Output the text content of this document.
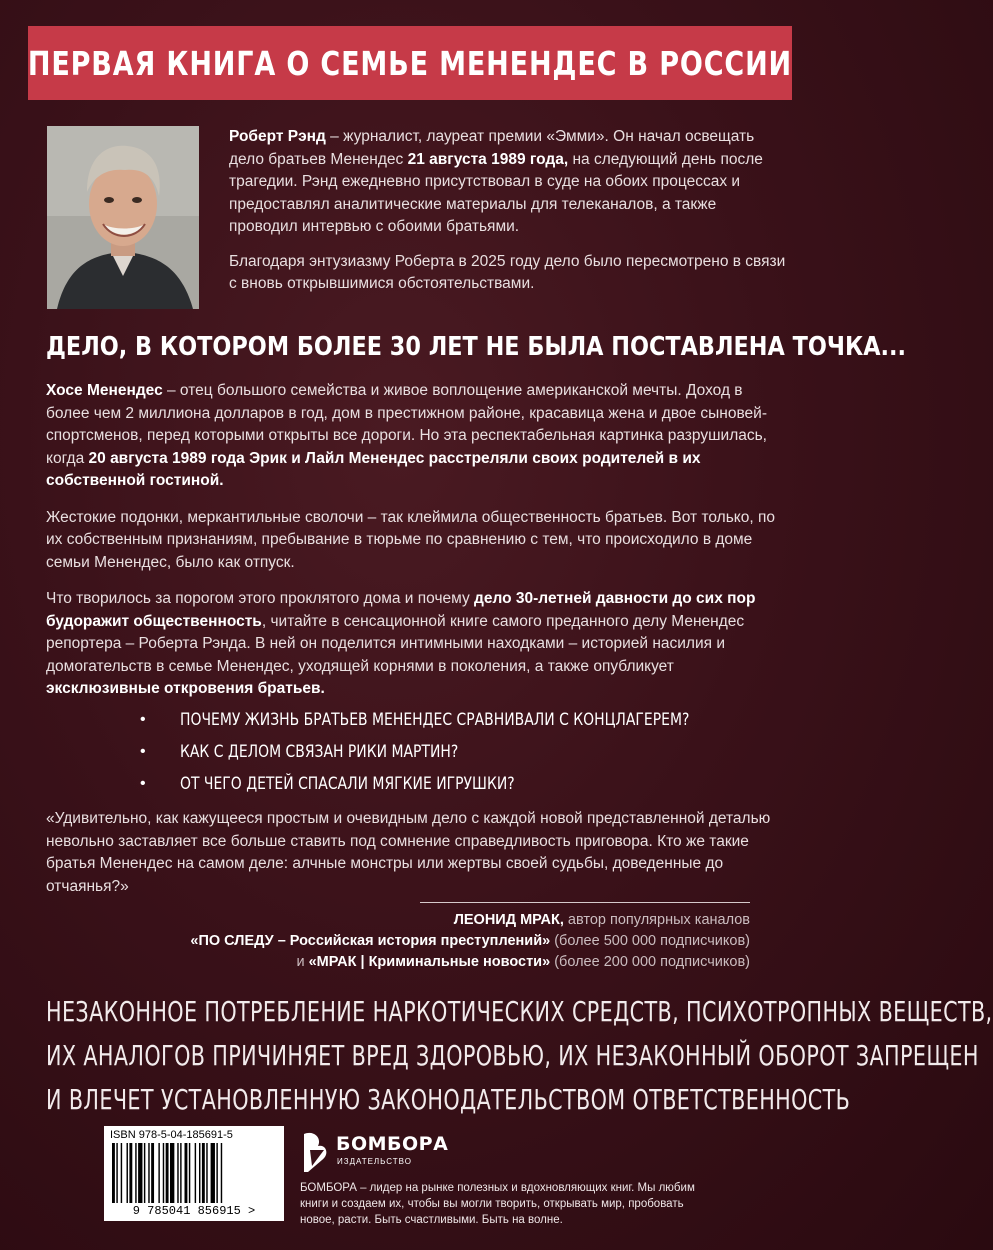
ПЕРВАЯ КНИГА О СЕМЬЕ МЕНЕНДЕС В РОССИИ

Роберт Рэнд – журналист, лауреат премии «Эмми». Он начал освещать дело братьев Менендес 21 августа 1989 года, на следующий день после трагедии. Рэнд ежедневно присутствовал в суде на обоих процессах и предоставлял аналитические материалы для телеканалов, а также проводил интервью с обоими братьями.

Благодаря энтузиазму Роберта в 2025 году дело было пересмотрено в связи с вновь открывшимися обстоятельствами.

ДЕЛО, В КОТОРОМ БОЛЕЕ 30 ЛЕТ НЕ БЫЛА ПОСТАВЛЕНА ТОЧКА...

Хосе Менендес – отец большого семейства и живое воплощение американской мечты. Доход в более чем 2 миллиона долларов в год, дом в престижном районе, красавица жена и двое сыновей-спортсменов, перед которыми открыты все дороги. Но эта респектабельная картинка разрушилась, когда 20 августа 1989 года Эрик и Лайл Менендес расстреляли своих родителей в их собственной гостиной.

Жестокие подонки, меркантильные сволочи – так клеймила общественность братьев. Вот только, по их собственным признаниям, пребывание в тюрьме по сравнению с тем, что происходило в доме семьи Менендес, было как отпуск.

Что творилось за порогом этого проклятого дома и почему дело 30-летней давности до сих пор будоражит общественность, читайте в сенсационной книге самого преданного делу Менендес репортера – Роберта Рэнда. В ней он поделится интимными находками – историей насилия и домогательств в семье Менендес, уходящей корнями в поколения, а также опубликует эксклюзивные откровения братьев.

• ПОЧЕМУ ЖИЗНЬ БРАТЬЕВ МЕНЕНДЕС СРАВНИВАЛИ С КОНЦЛАГЕРЕМ?
• КАК С ДЕЛОМ СВЯЗАН РИКИ МАРТИН?
• ОТ ЧЕГО ДЕТЕЙ СПАСАЛИ МЯГКИЕ ИГРУШКИ?
«Удивительно, как кажущееся простым и очевидным дело с каждой новой представленной деталью невольно заставляет все больше ставить под сомнение справедливость приговора. Кто же такие братья Менендес на самом деле: алчные монстры или жертвы своей судьбы, доведенные до отчаянья?»
ЛЕОНИД МРАК, автор популярных каналов
«ПО СЛЕДУ – Российская история преступлений» (более 500 000 подписчиков)
и «МРАК | Криминальные новости» (более 200 000 подписчиков)
НЕЗАКОННОЕ ПОТРЕБЛЕНИЕ НАРКОТИЧЕСКИХ СРЕДСТВ, ПСИХОТРОПНЫХ ВЕЩЕСТВ,
ИХ АНАЛОГОВ ПРИЧИНЯЕТ ВРЕД ЗДОРОВЬЮ, ИХ НЕЗАКОННЫЙ ОБОРОТ ЗАПРЕЩЕН
И ВЛЕЧЕТ УСТАНОВЛЕННУЮ ЗАКОНОДАТЕЛЬСТВОМ ОТВЕТСТВЕННОСТЬ
ISBN 978-5-04-185691-5
9 785041 856915 >
БОМБОРА
ИЗДАТЕЛЬСТВО
БОМБОРА – лидер на рынке полезных и вдохновляющих книг. Мы любим книги и создаем их, чтобы вы могли творить, открывать мир, пробовать новое, расти. Быть счастливыми. Быть на волне.
